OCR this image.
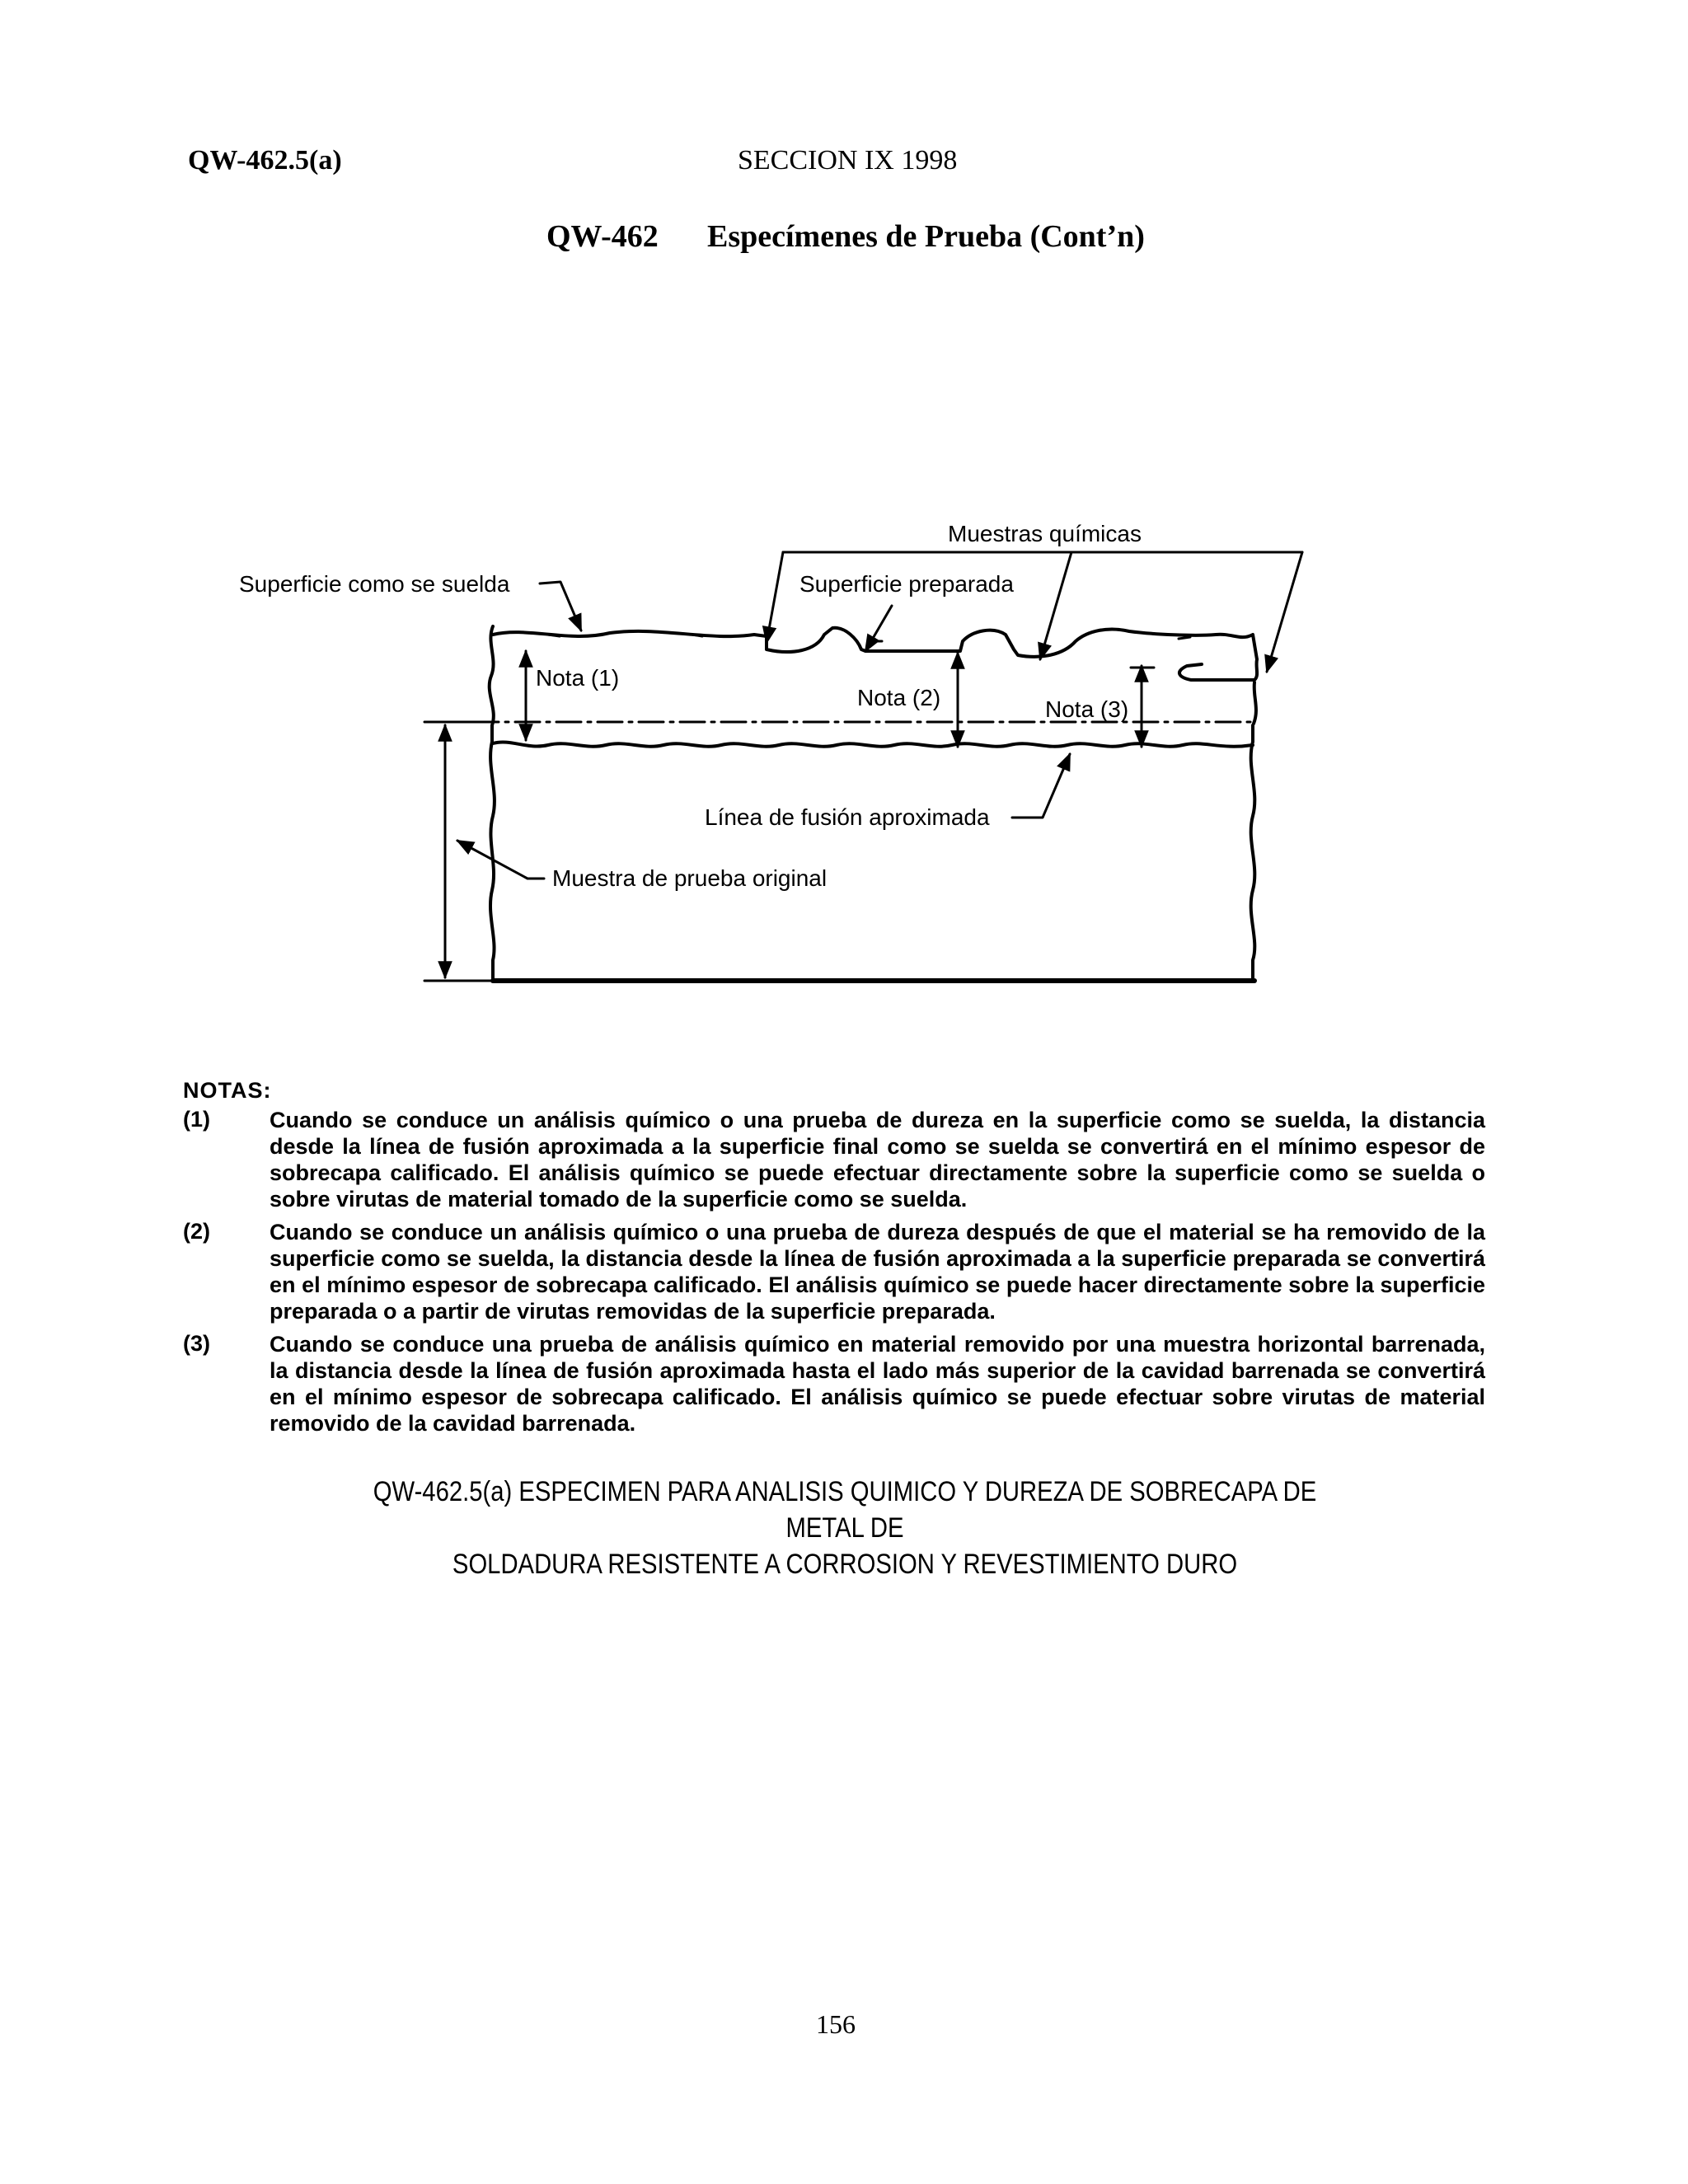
QW-462.5(a)	SECCION IX 1998
QW-462 Especímenes de Prueba (Cont’n)
Muestras químicas
Superficie como se suelda	Superficie preparada
Nota (1)
Nota (2)	Nota (3)
Línea de fusión aproximada
Muestra de prueba original
NOTAS:
(1)	Cuando se conduce un análisis químico o una prueba de dureza en la superficie como se suelda, la distancia desde la línea de fusión aproximada a la superficie final como se suelda se convertirá en el mínimo espesor de sobrecapa calificado. El análisis químico se puede efectuar directamente sobre la superficie como se suelda o sobre virutas de material tomado de la superficie como se suelda.
(2)	Cuando se conduce un análisis químico o una prueba de dureza después de que el material se ha removido de la superficie como se suelda, la distancia desde la línea de fusión aproximada a la superficie preparada se convertirá en el mínimo espesor de sobrecapa calificado. El análisis químico se puede hacer directamente sobre la superficie preparada o a partir de virutas removidas de la superficie preparada.
(3)	Cuando se conduce una prueba de análisis químico en material removido por una muestra horizontal barrenada, la distancia desde la línea de fusión aproximada hasta el lado más superior de la cavidad barrenada se convertirá en el mínimo espesor de sobrecapa calificado. El análisis químico se puede efectuar sobre virutas de material removido de la cavidad barrenada.
QW-462.5(a) ESPECIMEN PARA ANALISIS QUIMICO Y DUREZA DE SOBRECAPA DE METAL DE
SOLDADURA RESISTENTE A CORROSION Y REVESTIMIENTO DURO
156
